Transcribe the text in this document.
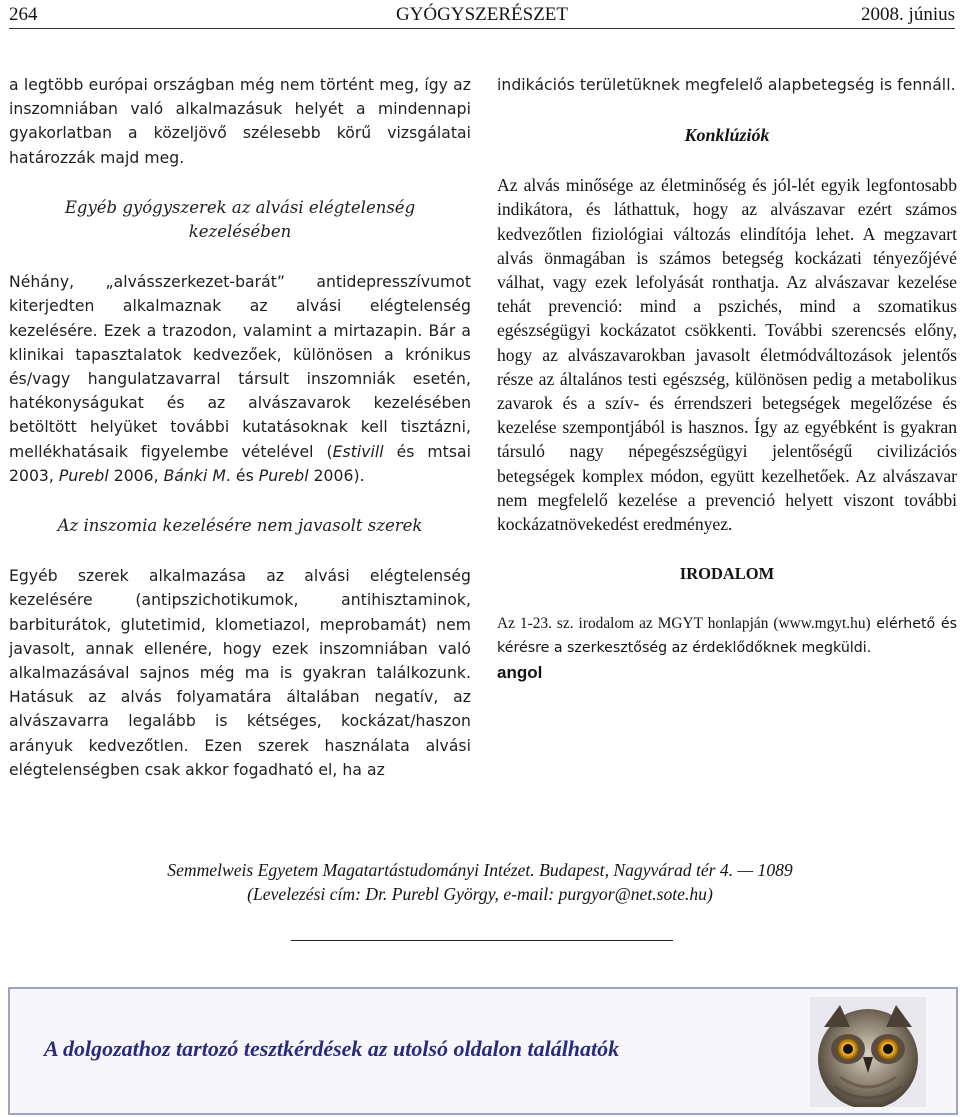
264	GYÓGYSZERÉSZET	2008. június

a legtöbb európai országban még nem történt meg, így az inszomniában való alkalmazásuk helyét a mindennapi gyakorlatban a közeljövő szélesebb körű vizsgálatai határozzák majd meg.

Egyéb gyógyszerek az alvási elégtelenség
kezelésében

Néhány, „alvásszerkezet-barát” antidepresszívumot kiterjedten alkalmaznak az alvási elégtelenség kezelésére. Ezek a trazodon, valamint a mirtazapin. Bár a klinikai tapasztalatok kedvezőek, különösen a krónikus és/vagy hangulatzavarral társult inszomniák esetén, hatékonyságukat és az alvászavarok kezelésében betöltött helyüket további kutatásoknak kell tisztázni, mellékhatásaik figyelembe vételével (Estivill és mtsai 2003, Purebl 2006, Bánki M. és Purebl 2006).

Az inszomia kezelésére nem javasolt szerek

Egyéb szerek alkalmazása az alvási elégtelenség kezelésére (antipszichotikumok, antihisztaminok, barbiturátok, glutetimid, klometiazol, meprobamát) nem javasolt, annak ellenére, hogy ezek inszomniában való alkalmazásával sajnos még ma is gyakran találkozunk. Hatásuk az alvás folyamatára általában negatív, az alvászavarra legalább is kétséges, kockázat/haszon arányuk kedvezőtlen. Ezen szerek használata alvási elégtelenségben csak akkor fogadható el, ha az

indikációs területüknek megfelelő alapbetegség is fennáll.

Konklúziók

Az alvás minősége az életminőség és jól-lét egyik legfontosabb indikátora, és láthattuk, hogy az alvászavar ezért számos kedvezőtlen fiziológiai változás elindítója lehet. A megzavart alvás önmagában is számos betegség kockázati tényezőjévé válhat, vagy ezek lefolyását ronthatja. Az alvászavar kezelése tehát prevenció: mind a pszichés, mind a szomatikus egészségügyi kockázatot csökkenti. További szerencsés előny, hogy az alvászavarokban javasolt életmódváltozások jelentős része az általános testi egészség, különösen pedig a metabolikus zavarok és a szív- és érrendszeri betegségek megelőzése és kezelése szempontjából is hasznos. Így az egyébként is gyakran társuló nagy népegészségügyi jelentőségű civilizációs betegségek komplex módon, együtt kezelhetőek. Az alvászavar nem megfelelő kezelése a prevenció helyett viszont további kockázatnövekedést eredményez.

IRODALOM

Az 1-23. sz. irodalom az MGYT honlapján (www.mgyt.hu) elérhető és kérésre a szerkesztőség az érdeklődőknek megküldi.

angol

Semmelweis Egyetem Magatartástudományi Intézet. Budapest, Nagyvárad tér 4. — 1089
(Levelezési cím: Dr. Purebl György, e-mail: purgyor@net.sote.hu)
A dolgozathoz tartozó tesztkérdések az utolsó oldalon találhatók
